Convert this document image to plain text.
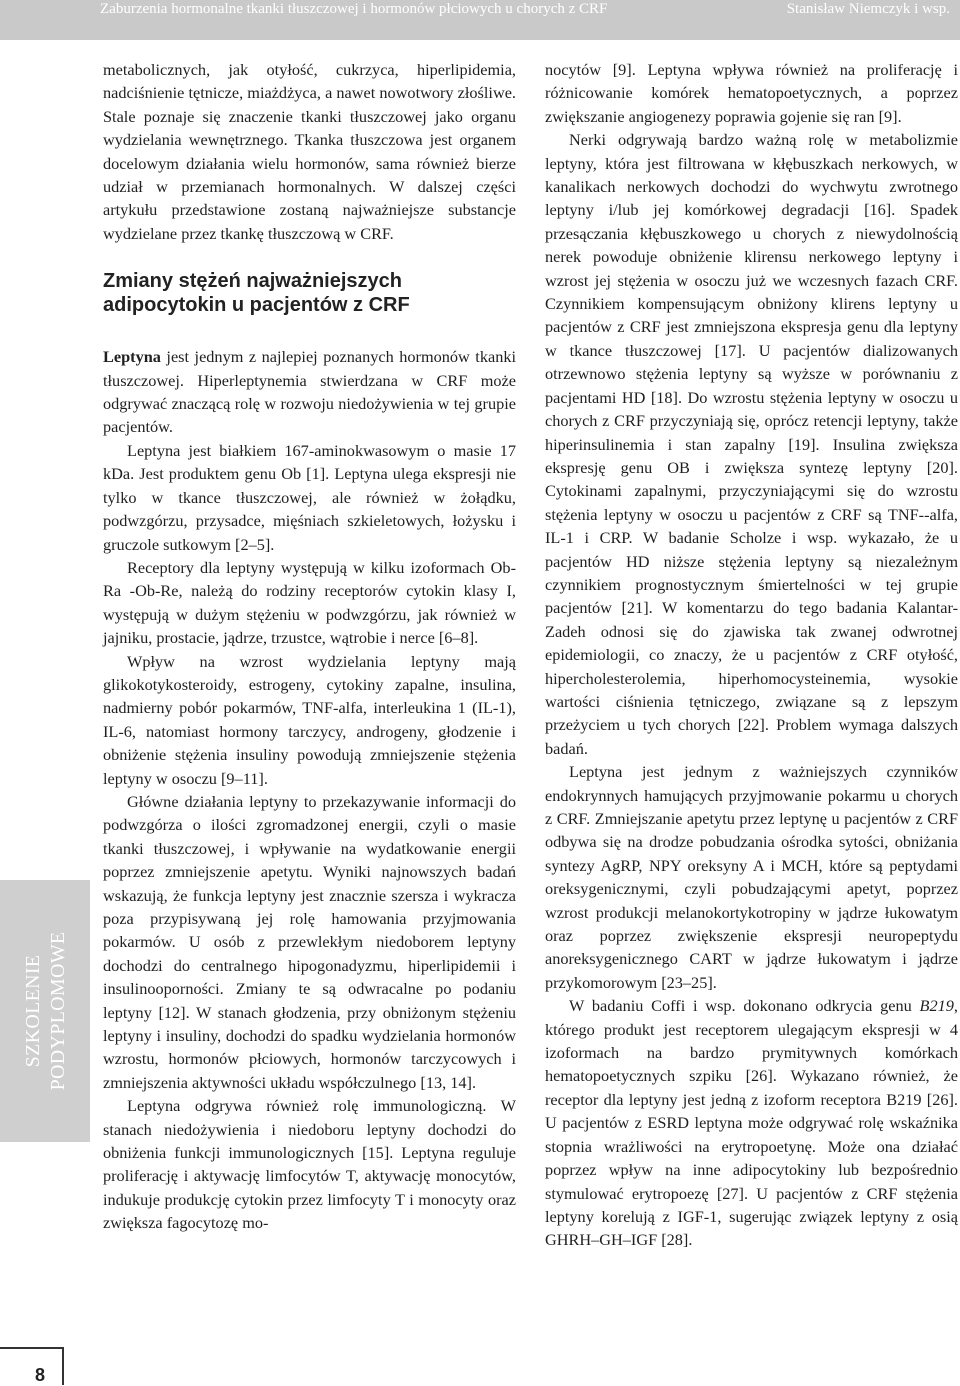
Zaburzenia hormonalne tkanki tłuszczowej i hormonów płciowych u chorych z CRF	Stanisław Niemczyk i wsp.
SZKOLENIE PODYPLOMOWE

metabolicznych, jak otyłość, cukrzyca, hiperlipidemia, nadciśnienie tętnicze, miażdżyca, a nawet nowotwory złośliwe. Stale poznaje się znaczenie tkanki tłuszczowej jako organu wydzielania wewnętrznego. Tkanka tłuszczowa jest organem docelowym działania wielu hormonów, sama również bierze udział w przemianach hormonalnych. W dalszej części artykułu przedstawione zostaną najważniejsze substancje wydzielane przez tkankę tłuszczową w CRF.

Zmiany stężeń najważniejszych adipocytokin u pacjentów z CRF

Leptyna jest jednym z najlepiej poznanych hormonów tkanki tłuszczowej. Hiperleptynemia stwierdzana w CRF może odgrywać znaczącą rolę w rozwoju niedożywienia w tej grupie pacjentów.

Leptyna jest białkiem 167-aminokwasowym o masie 17 kDa. Jest produktem genu Ob [1]. Leptyna ulega ekspresji nie tylko w tkance tłuszczowej, ale również w żołądku, podwzgórzu, przysadce, mięśniach szkieletowych, łożysku i gruczole sutkowym [2–5].

Receptory dla leptyny występują w kilku izoformach Ob-Ra -Ob-Re, należą do rodziny receptorów cytokin klasy I, występują w dużym stężeniu w podwzgórzu, jak również w jajniku, prostacie, jądrze, trzustce, wątrobie i nerce [6–8].

Wpływ na wzrost wydzielania leptyny mają glikokotykosteroidy, estrogeny, cytokiny zapalne, insulina, nadmierny pobór pokarmów, TNF-alfa, interleukina 1 (IL-1), IL-6, natomiast hormony tarczycy, androgeny, głodzenie i obniżenie stężenia insuliny powodują zmniejszenie stężenia leptyny w osoczu [9–11].

Główne działania leptyny to przekazywanie informacji do podwzgórza o ilości zgromadzonej energii, czyli o masie tkanki tłuszczowej, i wpływanie na wydatkowanie energii poprzez zmniejszenie apetytu. Wyniki najnowszych badań wskazują, że funkcja leptyny jest znacznie szersza i wykracza poza przypisywaną jej rolę hamowania przyjmowania pokarmów. U osób z przewlekłym niedoborem leptyny dochodzi do centralnego hipogonadyzmu, hiperlipidemii i insulinooporności. Zmiany te są odwracalne po podaniu leptyny [12]. W stanach głodzenia, przy obniżonym stężeniu leptyny i insuliny, dochodzi do spadku wydzielania hormonów wzrostu, hormonów płciowych, hormonów tarczycowych i zmniejszenia aktywności układu współczulnego [13, 14].

Leptyna odgrywa również rolę immunologiczną. W stanach niedożywienia i niedoboru leptyny dochodzi do obniżenia funkcji immunologicznych [15]. Leptyna reguluje proliferację i aktywację limfocytów T, aktywację monocytów, indukuje produkcję cytokin przez limfocyty T i monocyty oraz zwiększa fagocytozę mo-

nocytów [9]. Leptyna wpływa również na proliferację i różnicowanie komórek hematopoetycznych, a poprzez zwiększanie angiogenezy poprawia gojenie się ran [9].

Nerki odgrywają bardzo ważną rolę w metabolizmie leptyny, która jest filtrowana w kłębuszkach nerkowych, w kanalikach nerkowych dochodzi do wychwytu zwrotnego leptyny i/lub jej komórkowej degradacji [16]. Spadek przesączania kłębuszkowego u chorych z niewydolnością nerek powoduje obniżenie klirensu nerkowego leptyny i wzrost jej stężenia w osoczu już we wczesnych fazach CRF. Czynnikiem kompensującym obniżony klirens leptyny u pacjentów z CRF jest zmniejszona ekspresja genu dla leptyny w tkance tłuszczowej [17]. U pacjentów dializowanych otrzewnowo stężenia leptyny są wyższe w porównaniu z pacjentami HD [18]. Do wzrostu stężenia leptyny w osoczu u chorych z CRF przyczyniają się, oprócz retencji leptyny, także hiperinsulinemia i stan zapalny [19]. Insulina zwiększa ekspresję genu OB i zwiększa syntezę leptyny [20]. Cytokinami zapalnymi, przyczyniającymi się do wzrostu stężenia leptyny w osoczu u pacjentów z CRF są TNF--alfa, IL-1 i CRP. W badanie Scholze i wsp. wykazało, że u pacjentów HD niższe stężenia leptyny są niezależnym czynnikiem prognostycznym śmiertelności w tej grupie pacjentów [21]. W komentarzu do tego badania Kalantar-Zadeh odnosi się do zjawiska tak zwanej odwrotnej epidemiologii, co znaczy, że u pacjentów z CRF otyłość, hipercholesterolemia, hiperhomocysteinemia, wysokie wartości ciśnienia tętniczego, związane są z lepszym przeżyciem u tych chorych [22]. Problem wymaga dalszych badań.

Leptyna jest jednym z ważniejszych czynników endokrynnych hamujących przyjmowanie pokarmu u chorych z CRF. Zmniejszanie apetytu przez leptynę u pacjentów z CRF odbywa się na drodze pobudzania ośrodka sytości, obniżania syntezy AgRP, NPY oreksyny A i MCH, które są peptydami oreksygenicznymi, czyli pobudzającymi apetyt, poprzez wzrost produkcji melanokortykotropiny w jądrze łukowatym oraz poprzez zwiększenie ekspresji neuropeptydu anoreksygenicznego CART w jądrze łukowatym i jądrze przykomorowym [23–25].

W badaniu Coffi i wsp. dokonano odkrycia genu B219, którego produkt jest receptorem ulegającym ekspresji w 4 izoformach na bardzo prymitywnych komórkach hematopoetycznych szpiku [26]. Wykazano również, że receptor dla leptyny jest jedną z izoform receptora B219 [26]. U pacjentów z ESRD leptyna może odgrywać rolę wskaźnika stopnia wrażliwości na erytropoetynę. Może ona działać poprzez wpływ na inne adipocytokiny lub bezpośrednio stymulować erytropoezę [27]. U pacjentów z CRF stężenia leptyny korelują z IGF-1, sugerując związek leptyny z osią GHRH–GH–IGF [28].

8
